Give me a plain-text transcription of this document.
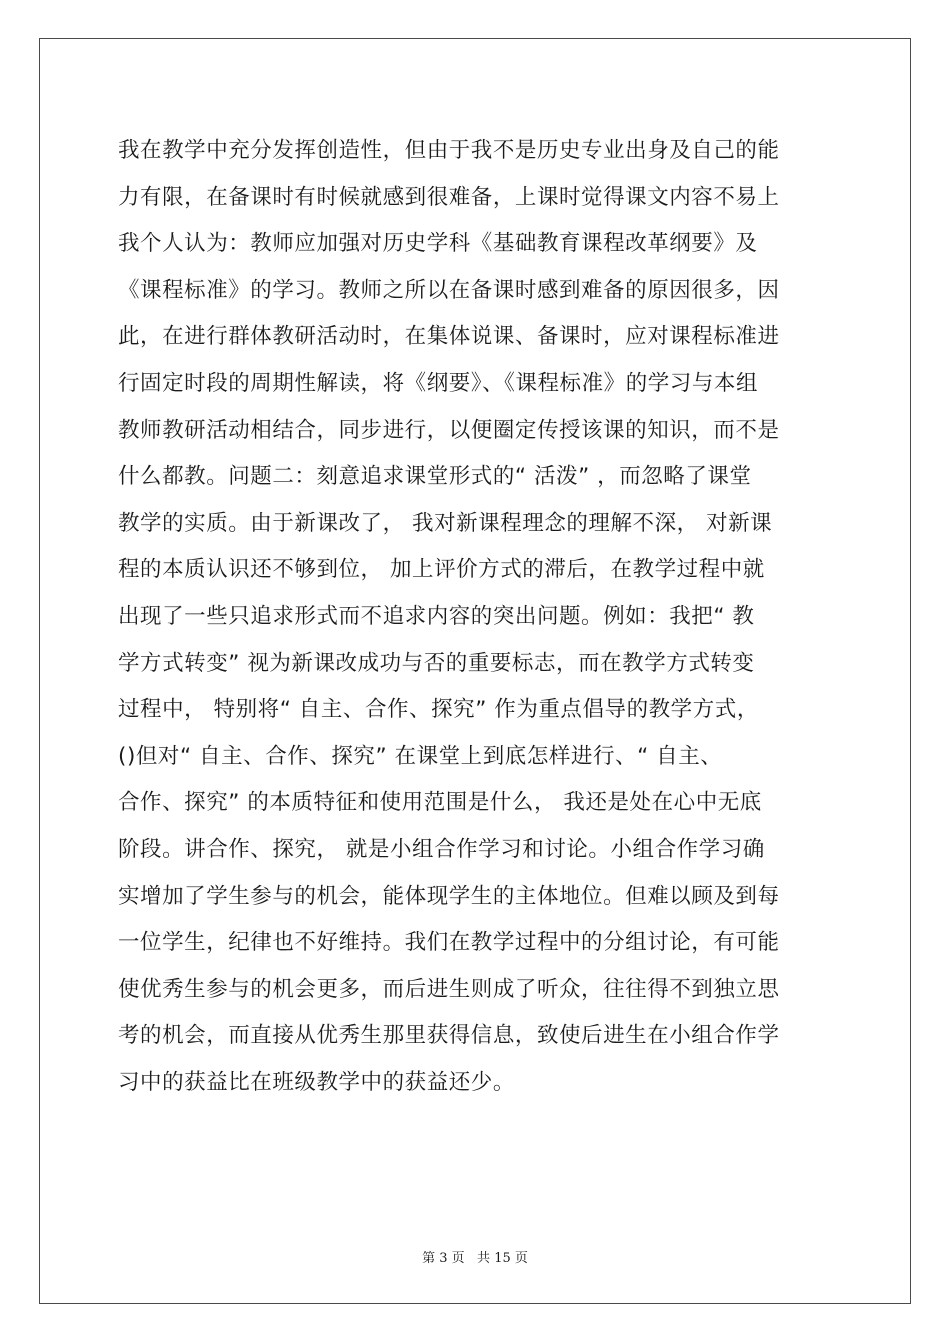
我在教学中充分发挥创造性，但由于我不是历史专业出身及自己的能
力有限，在备课时有时候就感到很难备，上课时觉得课文内容不易上
我个人认为：教师应加强对历史学科《基础教育课程改革纲要》及
《课程标准》的学习。教师之所以在备课时感到难备的原因很多，因
此，在进行群体教研活动时，在集体说课、备课时，应对课程标准进
行固定时段的周期性解读，将《纲要》、《课程标准》的学习与本组
教师教研活动相结合，同步进行，以便圈定传授该课的知识，而不是
什么都教。问题二：刻意追求课堂形式的“ 活泼” ，而忽略了课堂
教学的实质。由于新课改了， 我对新课程理念的理解不深， 对新课
程的本质认识还不够到位， 加上评价方式的滞后，在教学过程中就
出现了一些只追求形式而不追求内容的突出问题。例如：我把“ 教
学方式转变” 视为新课改成功与否的重要标志，而在教学方式转变
过程中， 特别将“ 自主、合作、探究” 作为重点倡导的教学方式，
()但对“ 自主、合作、探究” 在课堂上到底怎样进行、“ 自主、
合作、探究” 的本质特征和使用范围是什么， 我还是处在心中无底
阶段。讲合作、探究， 就是小组合作学习和讨论。小组合作学习确
实增加了学生参与的机会，能体现学生的主体地位。但难以顾及到每
一位学生，纪律也不好维持。我们在教学过程中的分组讨论，有可能
使优秀生参与的机会更多，而后进生则成了听众，往往得不到独立思
考的机会，而直接从优秀生那里获得信息，致使后进生在小组合作学
习中的获益比在班级教学中的获益还少。
第 3 页   共 15 页
